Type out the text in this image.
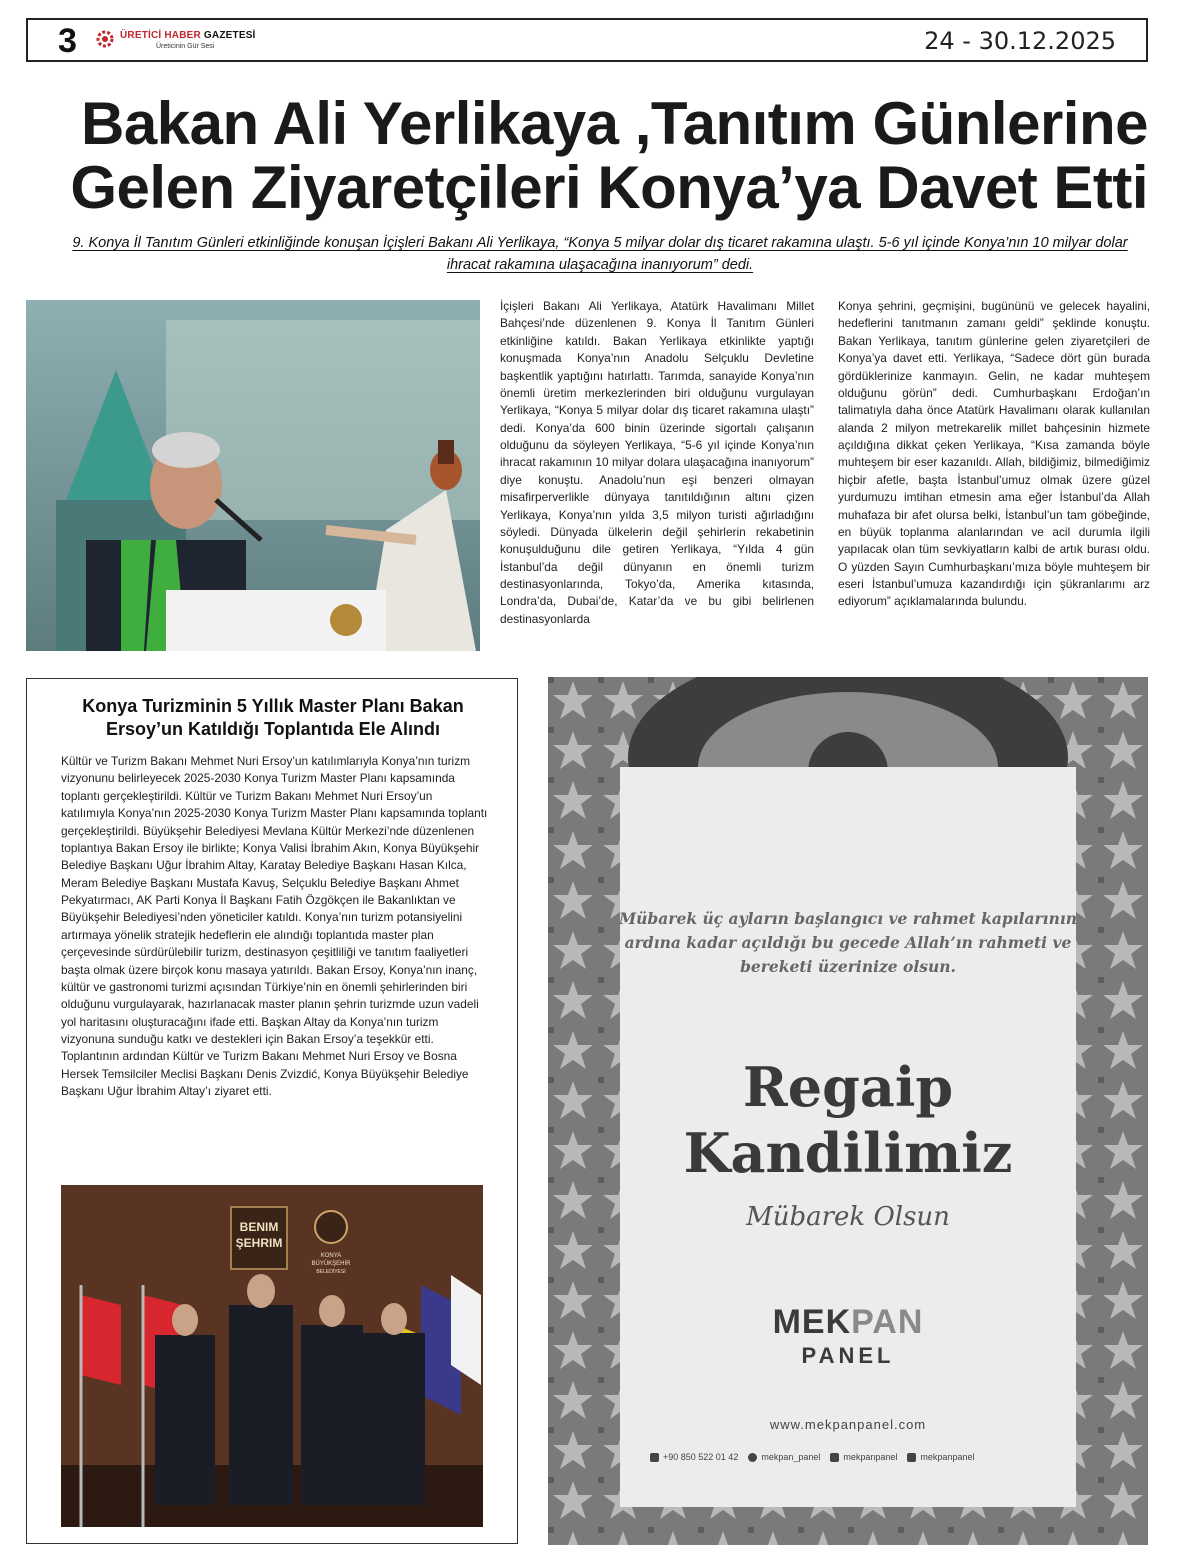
3	ÜRETİCİ HABER GAZETESİ
Üreticinin Gür Sesi	24 - 30.12.2025
Bakan Ali Yerlikaya ,Tanıtım Günlerine Gelen Ziyaretçileri Konya’ya Davet Etti

9. Konya İl Tanıtım Günleri etkinliğinde konuşan İçişleri Bakanı Ali Yerlikaya, “Konya 5 milyar dolar dış ticaret rakamına ulaştı. 5-6 yıl içinde Konya’nın 10 milyar dolar ihracat rakamına ulaşacağına inanıyorum” dedi.

İçişleri Bakanı Ali Yerlikaya, Atatürk Havalimanı Millet Bahçesi’nde düzenlenen 9. Konya İl Tanıtım Günleri etkinliğine katıldı. Bakan Yerlikaya etkinlikte yaptığı konuşmada Konya’nın Anadolu Selçuklu Devletine başkentlik yaptığını hatırlattı. Tarımda, sanayide Konya’nın önemli üretim merkezlerinden biri olduğunu vurgulayan Yerlikaya, “Konya 5 milyar dolar dış ticaret rakamına ulaştı” dedi. Konya’da 600 binin üzerinde sigortalı çalışanın olduğunu da söyleyen Yerlikaya, “5-6 yıl içinde Konya’nın ihracat rakamının 10 milyar dolara ulaşacağına inanıyorum” diye konuştu. Anadolu’nun eşi benzeri olmayan misafirperverlikle dünyaya tanıtıldığının altını çizen Yerlikaya, Konya’nın yılda 3,5 milyon turisti ağırladığını söyledi. Dünyada ülkelerin değil şehirlerin rekabetinin konuşulduğunu dile getiren Yerlikaya, “Yılda 4 gün İstanbul’da değil dünyanın en önemli turizm destinasyonlarında, Tokyo’da, Amerika kıtasında, Londra’da, Dubai’de, Katar’da ve bu gibi belirlenen destinasyonlarda

Konya şehrini, geçmişini, bugününü ve gelecek hayalini, hedeflerini tanıtmanın zamanı geldi” şeklinde konuştu. Bakan Yerlikaya, tanıtım günlerine gelen ziyaretçileri de Konya’ya davet etti. Yerlikaya, “Sadece dört gün burada gördüklerinize kanmayın. Gelin, ne kadar muhteşem olduğunu görün” dedi. Cumhurbaşkanı Erdoğan’ın talimatıyla daha önce Atatürk Havalimanı olarak kullanılan alanda 2 milyon metrekarelik millet bahçesinin hizmete açıldığına dikkat çeken Yerlikaya, “Kısa zamanda böyle muhteşem bir eser kazanıldı. Allah, bildiğimiz, bilmediğimiz hiçbir afetle, başta İstanbul’umuz olmak üzere güzel yurdumuzu imtihan etmesin ama eğer İstanbul’da Allah muhafaza bir afet olursa belki, İstanbul’un tam göbeğinde, en büyük toplanma alanlarından ve acil durumla ilgili yapılacak olan tüm sevkiyatların kalbi de artık burası oldu. O yüzden Sayın Cumhurbaşkanı’mıza böyle muhteşem bir eseri İstanbul’umuza kazandırdığı için şükranlarımı arz ediyorum” açıklamalarında bulundu.

Konya Turizminin 5 Yıllık Master Planı Bakan Ersoy’un Katıldığı Toplantıda Ele Alındı

Kültür ve Turizm Bakanı Mehmet Nuri Ersoy’un katılımlarıyla Konya’nın turizm vizyonunu belirleyecek 2025-2030 Konya Turizm Master Planı kapsamında toplantı gerçekleştirildi. Kültür ve Turizm Bakanı Mehmet Nuri Ersoy’un katılımıyla Konya’nın 2025-2030 Konya Turizm Master Planı kapsamında toplantı gerçekleştirildi. Büyükşehir Belediyesi Mevlana Kültür Merkezi’nde düzenlenen toplantıya Bakan Ersoy ile birlikte; Konya Valisi İbrahim Akın, Konya Büyükşehir Belediye Başkanı Uğur İbrahim Altay, Karatay Belediye Başkanı Hasan Kılca, Meram Belediye Başkanı Mustafa Kavuş, Selçuklu Belediye Başkanı Ahmet Pekyatırmacı, AK Parti Konya İl Başkanı Fatih Özgökçen ile Bakanlıktan ve Büyükşehir Belediyesi’nden yöneticiler katıldı. Konya’nın turizm potansiyelini artırmaya yönelik stratejik hedeflerin ele alındığı toplantıda master plan çerçevesinde sürdürülebilir turizm, destinasyon çeşitliliği ve tanıtım faaliyetleri başta olmak üzere birçok konu masaya yatırıldı. Bakan Ersoy, Konya’nın inanç, kültür ve gastronomi turizmi açısından Türkiye’nin en önemli şehirlerinden biri olduğunu vurgulayarak, hazırlanacak master planın şehrin turizmde uzun vadeli yol haritasını oluşturacağını ifade etti. Başkan Altay da Konya’nın turizm vizyonuna sunduğu katkı ve destekleri için Bakan Ersoy’a teşekkür etti. Toplantının ardından Kültür ve Turizm Bakanı Mehmet Nuri Ersoy ve Bosna Hersek Temsilciler Meclisi Başkanı Denis Zvizdić, Konya Büyükşehir Belediye Başkanı Uğur İbrahim Altay’ı ziyaret etti.

BENIM
ŞEHRIM
KONYA
BÜYÜKŞEHİR
BELEDİYESİ

Mübarek üç ayların başlangıcı ve rahmet kapılarının ardına kadar açıldığı bu gecede Allah’ın rahmeti ve bereketi üzerinize olsun.

Regaip
Kandilimiz
Mübarek Olsun
MEKPAN
PANEL
www.mekpanpanel.com
+90 850 522 01 42	mekpan_panel	mekpanpanel	mekpanpanel
